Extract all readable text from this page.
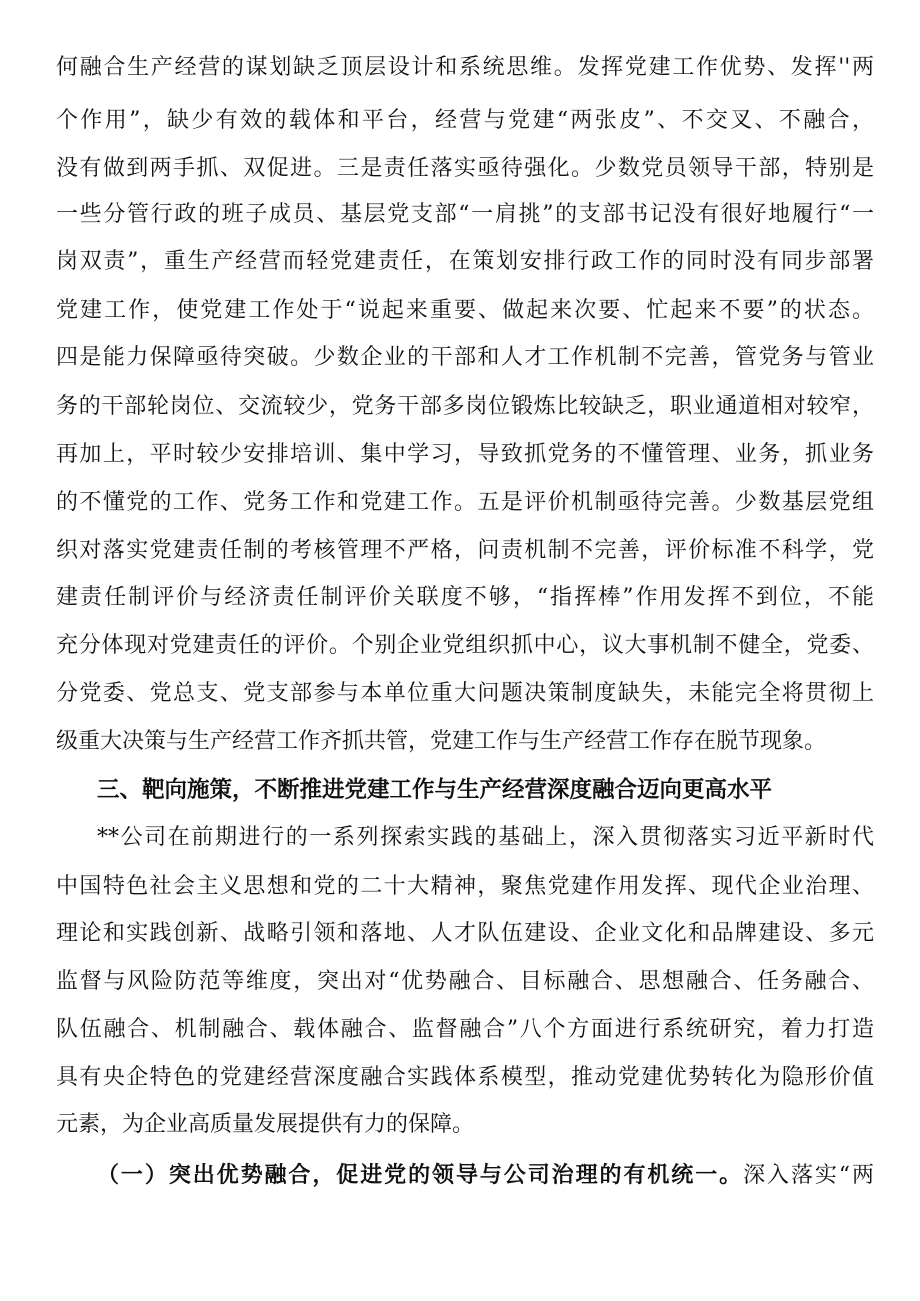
何融合生产经营的谋划缺乏顶层设计和系统思维。发挥党建工作优势、发挥''两

个作用”，缺少有效的载体和平台，经营与党建“两张皮”、不交叉、不融合，

没有做到两手抓、双促进。三是责任落实亟待强化。少数党员领导干部，特别是

一些分管行政的班子成员、基层党支部“一肩挑”的支部书记没有很好地履行“一

岗双责”，重生产经营而轻党建责任，在策划安排行政工作的同时没有同步部署

党建工作，使党建工作处于“说起来重要、做起来次要、忙起来不要”的状态。

四是能力保障亟待突破。少数企业的干部和人才工作机制不完善，管党务与管业

务的干部轮岗位、交流较少，党务干部多岗位锻炼比较缺乏，职业通道相对较窄，

再加上，平时较少安排培训、集中学习，导致抓党务的不懂管理、业务，抓业务

的不懂党的工作、党务工作和党建工作。五是评价机制亟待完善。少数基层党组

织对落实党建责任制的考核管理不严格，问责机制不完善，评价标准不科学，党

建责任制评价与经济责任制评价关联度不够，“指挥棒”作用发挥不到位，不能

充分体现对党建责任的评价。个别企业党组织抓中心，议大事机制不健全，党委、

分党委、党总支、党支部参与本单位重大问题决策制度缺失，未能完全将贯彻上

级重大决策与生产经营工作齐抓共管，党建工作与生产经营工作存在脱节现象。

三、靶向施策，不断推进党建工作与生产经营深度融合迈向更高水平

**公司在前期进行的一系列探索实践的基础上，深入贯彻落实习近平新时代

中国特色社会主义思想和党的二十大精神，聚焦党建作用发挥、现代企业治理、

理论和实践创新、战略引领和落地、人才队伍建设、企业文化和品牌建设、多元

监督与风险防范等维度，突出对“优势融合、目标融合、思想融合、任务融合、

队伍融合、机制融合、载体融合、监督融合”八个方面进行系统研究，着力打造

具有央企特色的党建经营深度融合实践体系模型，推动党建优势转化为隐形价值

元素，为企业高质量发展提供有力的保障。

（一）突出优势融合，促进党的领导与公司治理的有机统一。深入落实“两
